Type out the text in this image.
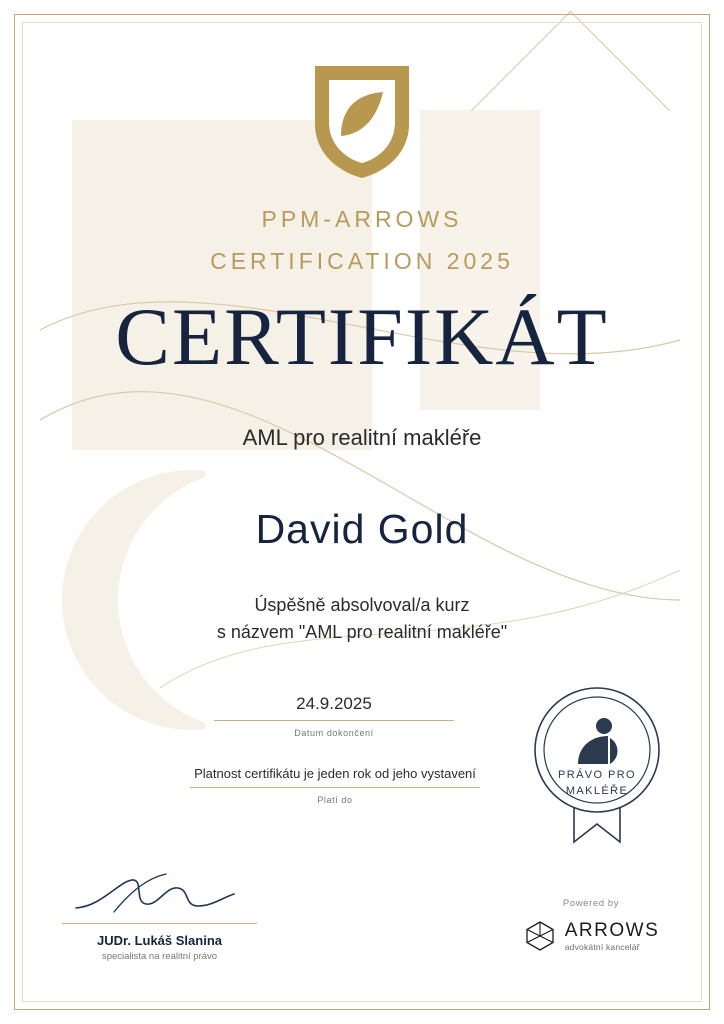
PPM-ARROWS
CERTIFICATION 2025
CERTIFIKÁT
AML pro realitní makléře
David Gold
Úspěšně absolvoval/a kurz
s názvem "AML pro realitní makléře"
24.9.2025
Datum dokončení
Platnost certifikátu je jeden rok od jeho vystavení
Platí do
PRÁVO PRO
MAKLÉŘE
JUDr. Lukáš Slanina
specialista na realitní právo
Powered by
ARROWS
advokátní kancelář
